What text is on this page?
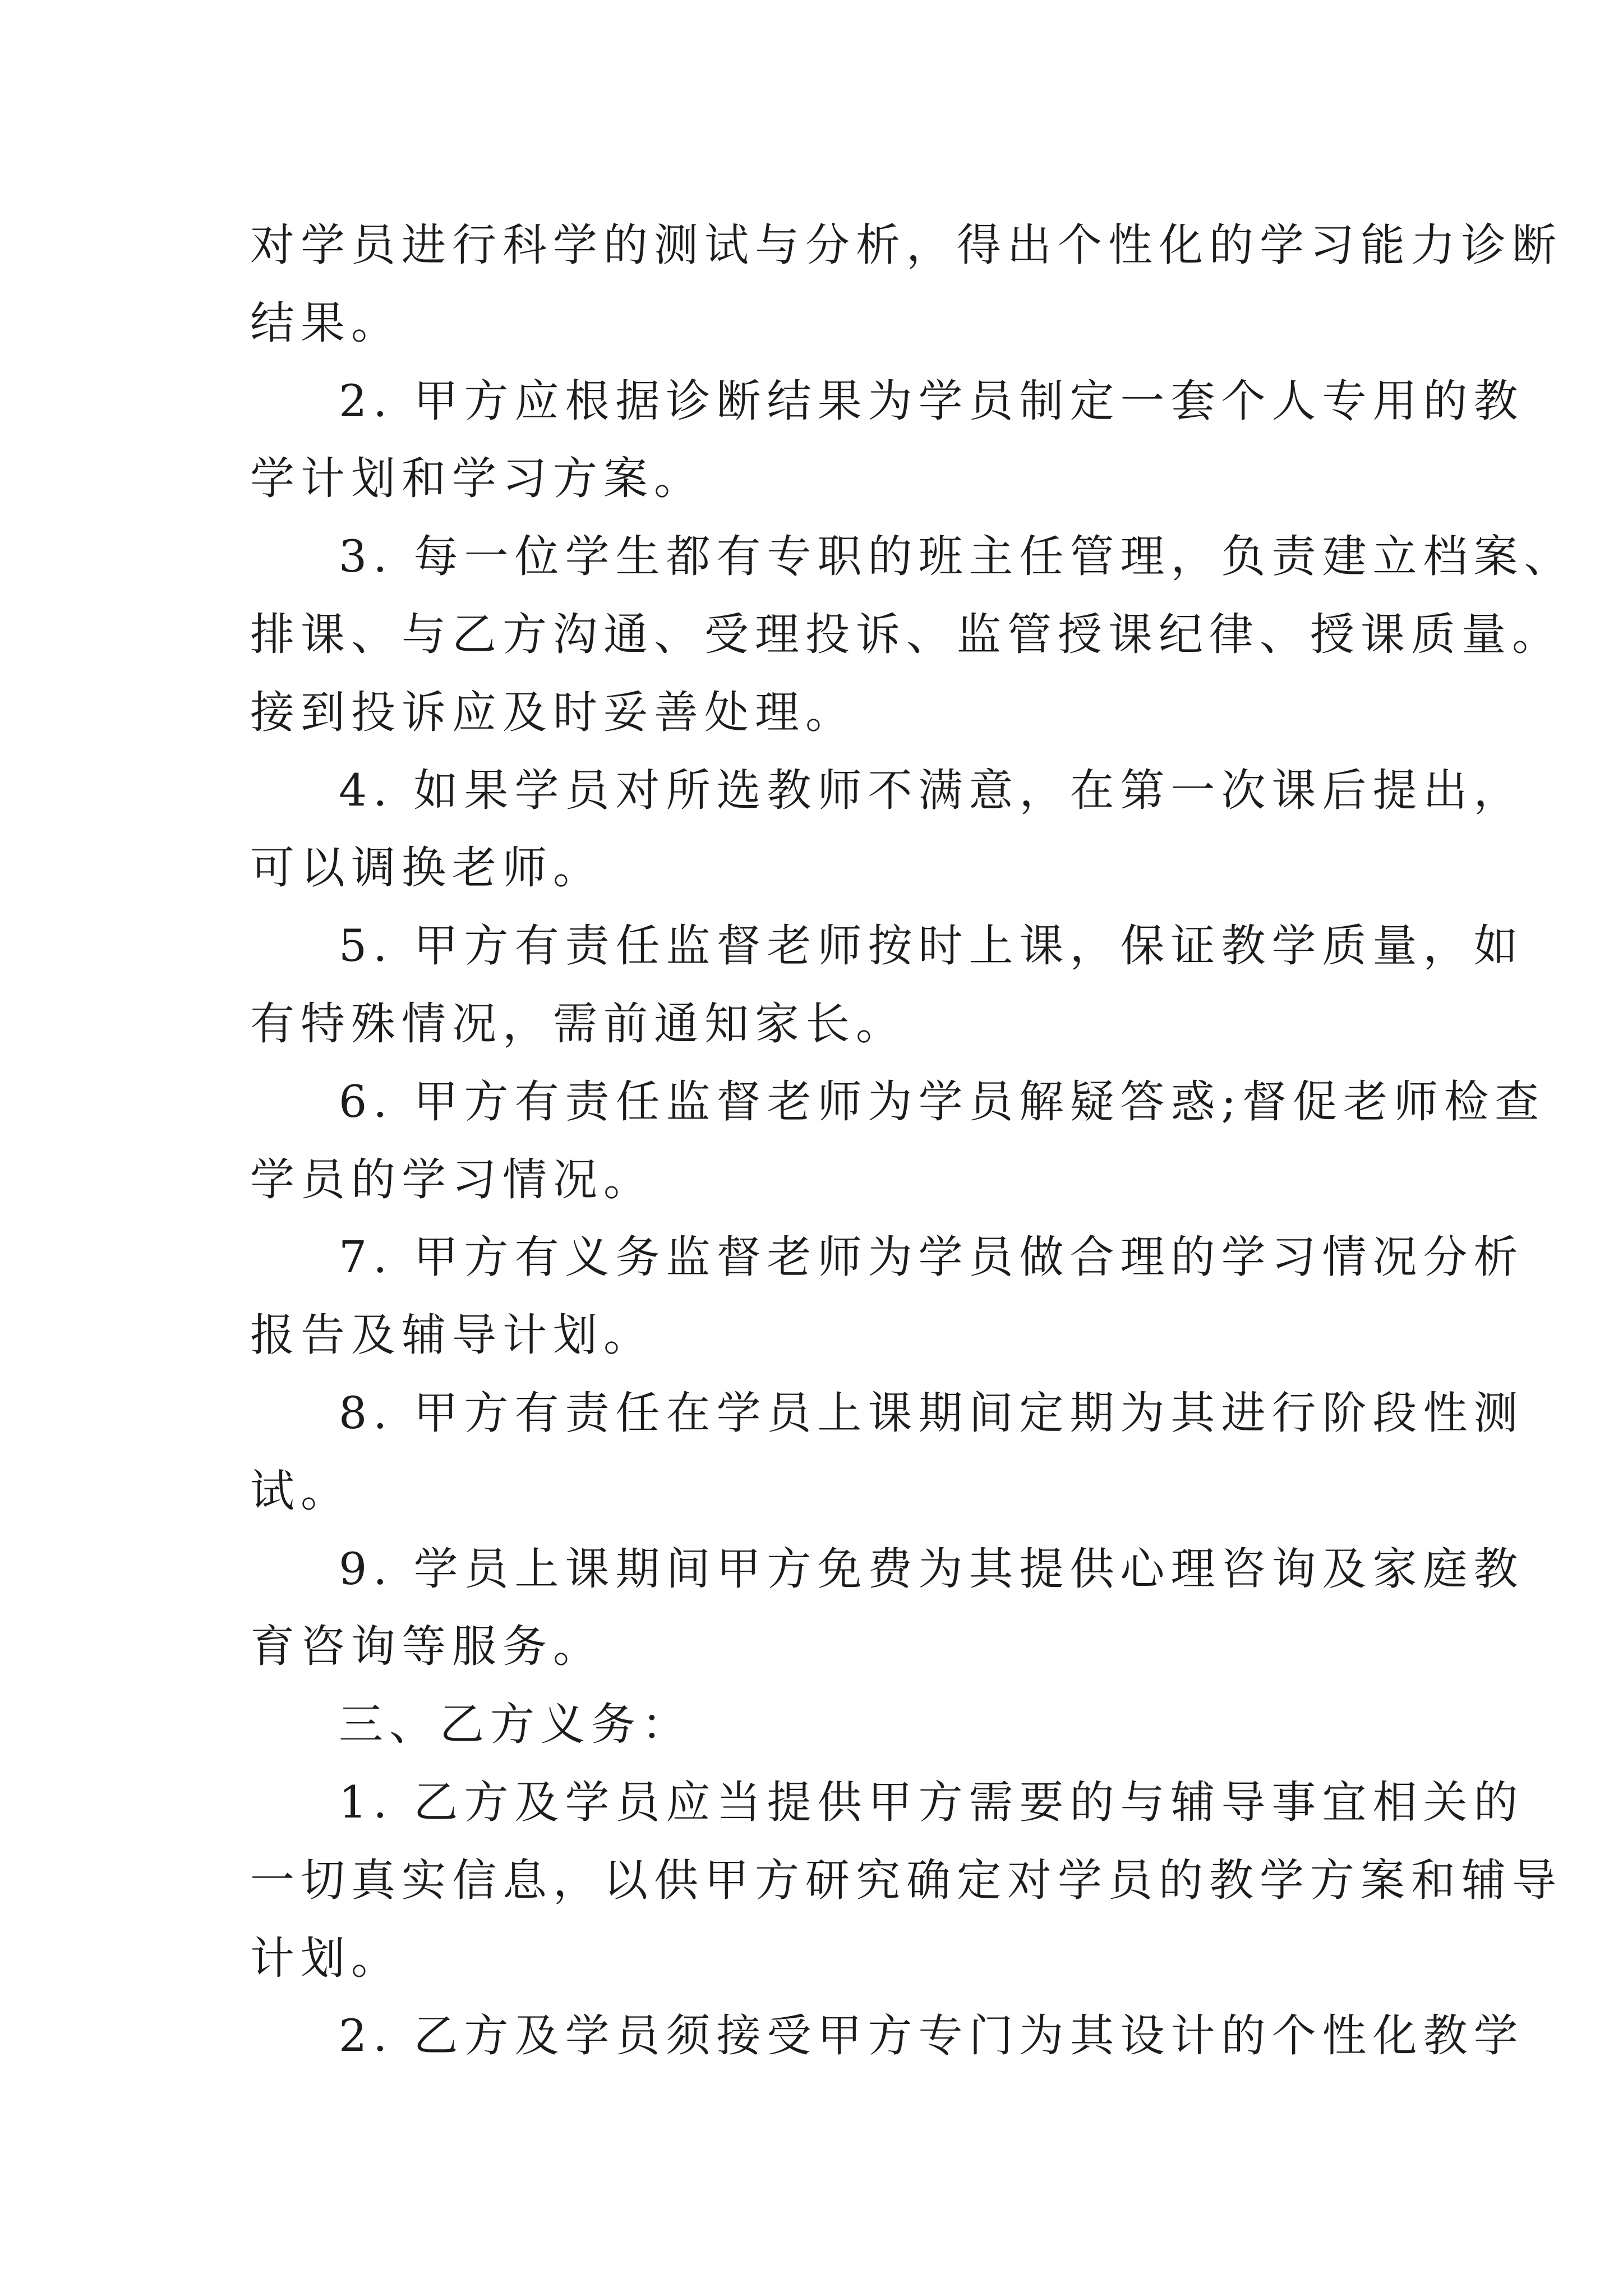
对学员进行科学的测试与分析，得出个性化的学习能力诊断

结果。

2. 甲方应根据诊断结果为学员制定一套个人专用的教

学计划和学习方案。

3. 每一位学生都有专职的班主任管理，负责建立档案、

排课、与乙方沟通、受理投诉、监管授课纪律、授课质量。

接到投诉应及时妥善处理。

4. 如果学员对所选教师不满意，在第一次课后提出，

可以调换老师。

5. 甲方有责任监督老师按时上课，保证教学质量，如

有特殊情况，需前通知家长。

6. 甲方有责任监督老师为学员解疑答惑;督促老师检查

学员的学习情况。

7. 甲方有义务监督老师为学员做合理的学习情况分析

报告及辅导计划。

8. 甲方有责任在学员上课期间定期为其进行阶段性测

试。

9. 学员上课期间甲方免费为其提供心理咨询及家庭教

育咨询等服务。

三、乙方义务：

1. 乙方及学员应当提供甲方需要的与辅导事宜相关的

一切真实信息，以供甲方研究确定对学员的教学方案和辅导

计划。

2. 乙方及学员须接受甲方专门为其设计的个性化教学
